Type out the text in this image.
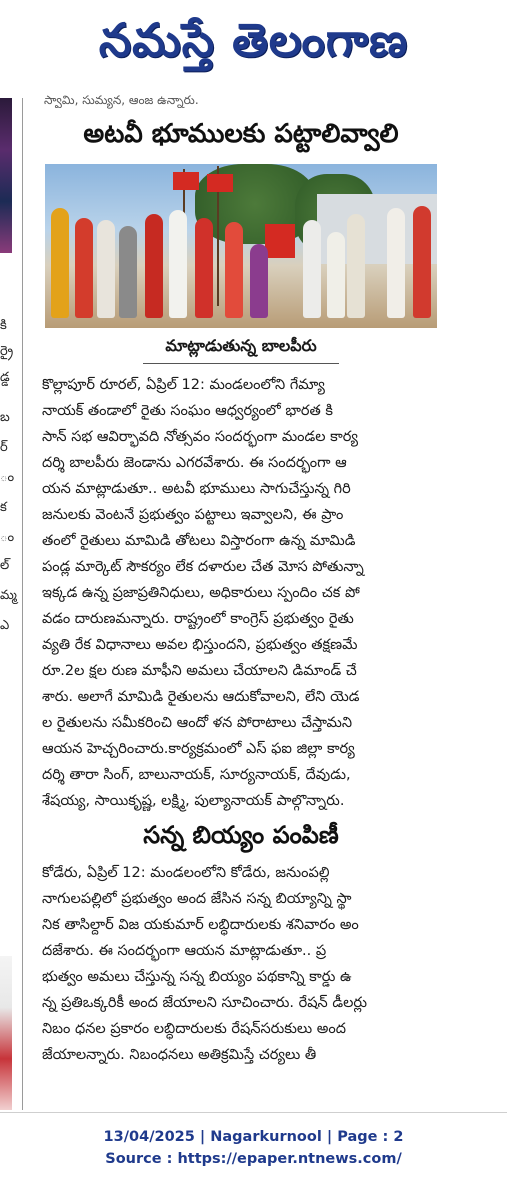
నమస్తే తెలంగాణ
కి
ర్రై
డ్డ
బ
ర్
ం
క
ం
ల్
మ్మ
ఎ
స్వామి, సుమ్యన, ఆంజ ఉన్నారు.
అటవీ భూములకు పట్టాలివ్వాలి
మాట్లాడుతున్న బాలపీరు
కొల్లాపూర్ రూరల్, ఏప్రిల్ 12: మండలంలోని గేమ్యా
నాయక్ తండాలో రైతు సంఘం ఆధ్వర్యంలో భారత కి
సాన్ సభ ఆవిర్భావది నోత్సవం సందర్భంగా మండల కార్య
దర్శి బాలపీరు జెండాను ఎగరవేశారు. ఈ సందర్భంగా ఆ
యన మాట్లాడుతూ.. అటవీ భూములు సాగుచేస్తున్న గిరి
జనులకు వెంటనే ప్రభుత్వం పట్టాలు ఇవ్వాలని, ఈ ప్రాం
తంలో రైతులు మామిడి తోటలు విస్తారంగా ఉన్న మామిడి
పండ్ల మార్కెట్ సౌకర్యం లేక దళారుల చేత మోస పోతున్నా
ఇక్కడ ఉన్న ప్రజాప్రతినిధులు, అధికారులు స్పందిం చక పో
వడం దారుణమన్నారు. రాష్ట్రంలో కాంగ్రెస్ ప్రభుత్వం రైతు
వ్యతి రేక విధానాలు అవల భిస్తుందని, ప్రభుత్వం తక్షణమే
రూ.2ల క్షల రుణ మాఫీని అమలు చేయాలని డిమాండ్ చే
శారు. అలాగే మామిడి రైతులను ఆదుకోవాలని, లేని యెడ
ల రైతులను సమీకరించి ఆందో ళన పోరాటాలు చేస్తామని
ఆయన హెచ్చరించారు.కార్యక్రమంలో ఎస్ ఫఐ జిల్లా కార్య
దర్శి తారా సింగ్, బాలునాయక్, సూర్యనాయక్, దేవుడు,
శేషయ్య, సాయికృష్ణ, లక్ష్మి, పుల్యానాయక్ పాల్గొన్నారు.
సన్న బియ్యం పంపిణీ
కోడేరు, ఏప్రిల్ 12: మండలంలోని కోడేరు, జనుంపల్లి
నాగులపల్లిలో ప్రభుత్వం అంద జేసిన సన్న బియ్యాన్ని స్థా
నిక తాసిల్దార్ విజ యకుమార్ లబ్ధిదారులకు శనివారం అం
దజేశారు. ఈ సందర్భంగా ఆయన మాట్లాడుతూ.. ప్ర
భుత్వం అమలు చేస్తున్న సన్న బియ్యం పథకాన్ని కార్డు ఉ
న్న ప్రతిఒక్కరికీ అంద జేయాలని సూచించారు. రేషన్ డీలర్లు
నిబం ధనల ప్రకారం లబ్ధిదారులకు రేషన్‌సరుకులు అంద
జేయాలన్నారు. నిబంధనలు అతిక్రమిస్తే చర్యలు తీ
13/04/2025 | Nagarkurnool | Page : 2
Source : https://epaper.ntnews.com/
